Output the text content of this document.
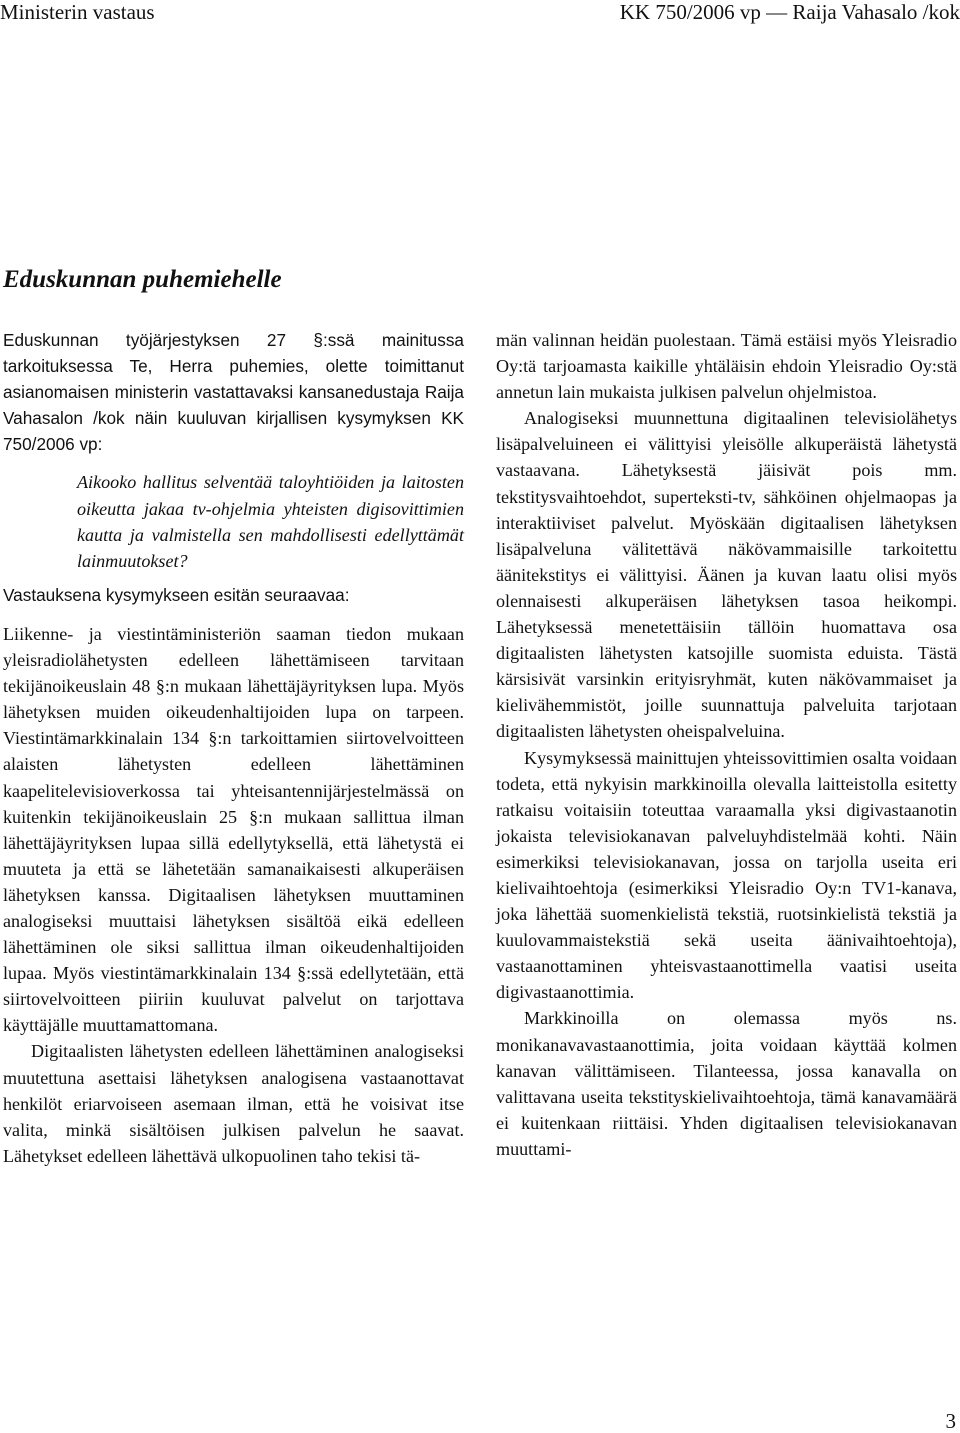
Ministerin vastaus	KK 750/2006 vp — Raija Vahasalo /kok
Eduskunnan puhemiehelle

Eduskunnan työjärjestyksen 27 §:ssä mainitussa tarkoituksessa Te, Herra puhemies, olette toimittanut asianomaisen ministerin vastattavaksi kansanedustaja Raija Vahasalon /kok näin kuuluvan kirjallisen kysymyksen KK 750/2006 vp:

Aikooko hallitus selventää taloyhtiöiden ja laitosten oikeutta jakaa tv-ohjelmia yhteisten digisovittimien kautta ja valmistella sen mahdollisesti edellyttämät lainmuutokset?

Vastauksena kysymykseen esitän seuraavaa:

Liikenne- ja viestintäministeriön saaman tiedon mukaan yleisradiolähetysten edelleen lähettämiseen tarvitaan tekijänoikeuslain 48 §:n mukaan lähettäjäyrityksen lupa. Myös lähetyksen muiden oikeudenhaltijoiden lupa on tarpeen. Viestintämarkkinalain 134 §:n tarkoittamien siirtovelvoitteen alaisten lähetysten edelleen lähettäminen kaapelitelevisioverkossa tai yhteisantennijärjestelmässä on kuitenkin tekijänoikeuslain 25 §:n mukaan sallittua ilman lähettäjäyrityksen lupaa sillä edellytyksellä, että lähetystä ei muuteta ja että se lähetetään samanaikaisesti alkuperäisen lähetyksen kanssa. Digitaalisen lähetyksen muuttaminen analogiseksi muuttaisi lähetyksen sisältöä eikä edelleen lähettäminen ole siksi sallittua ilman oikeudenhaltijoiden lupaa. Myös viestintämarkkinalain 134 §:ssä edellytetään, että siirtovelvoitteen piiriin kuuluvat palvelut on tarjottava käyttäjälle muuttamattomana.

Digitaalisten lähetysten edelleen lähettäminen analogiseksi muutettuna asettaisi lähetyksen analogisena vastaanottavat henkilöt eriarvoiseen asemaan ilman, että he voisivat itse valita, minkä sisältöisen julkisen palvelun he saavat. Lähetykset edelleen lähettävä ulkopuolinen taho tekisi tä-

män valinnan heidän puolestaan. Tämä estäisi myös Yleisradio Oy:tä tarjoamasta kaikille yhtäläisin ehdoin Yleisradio Oy:stä annetun lain mukaista julkisen palvelun ohjelmistoa.

Analogiseksi muunnettuna digitaalinen televisiolähetys lisäpalveluineen ei välittyisi yleisölle alkuperäistä lähetystä vastaavana. Lähetyksestä jäisivät pois mm. tekstitysvaihtoehdot, superteksti-tv, sähköinen ohjelmaopas ja interaktiiviset palvelut. Myöskään digitaalisen lähetyksen lisäpalveluna välitettävä näkövammaisille tarkoitettu äänitekstitys ei välittyisi. Äänen ja kuvan laatu olisi myös olennaisesti alkuperäisen lähetyksen tasoa heikompi. Lähetyksessä menetettäisiin tällöin huomattava osa digitaalisten lähetysten katsojille suomista eduista. Tästä kärsisivät varsinkin erityisryhmät, kuten näkövammaiset ja kielivähemmistöt, joille suunnattuja palveluita tarjotaan digitaalisten lähetysten oheispalveluina.

Kysymyksessä mainittujen yhteissovittimien osalta voidaan todeta, että nykyisin markkinoilla olevalla laitteistolla esitetty ratkaisu voitaisiin toteuttaa varaamalla yksi digivastaanotin jokaista televisiokanavan palveluyhdistelmää kohti. Näin esimerkiksi televisiokanavan, jossa on tarjolla useita eri kielivaihtoehtoja (esimerkiksi Yleisradio Oy:n TV1-kanava, joka lähettää suomenkielistä tekstiä, ruotsinkielistä tekstiä ja kuulovammaistekstiä sekä useita äänivaihtoehtoja), vastaanottaminen yhteisvastaanottimella vaatisi useita digivastaanottimia.

Markkinoilla on olemassa myös ns. monikanavavastaanottimia, joita voidaan käyttää kolmen kanavan välittämiseen. Tilanteessa, jossa kanavalla on valittavana useita tekstityskielivaihtoehtoja, tämä kanavamäärä ei kuitenkaan riittäisi. Yhden digitaalisen televisiokanavan muuttami-

3
